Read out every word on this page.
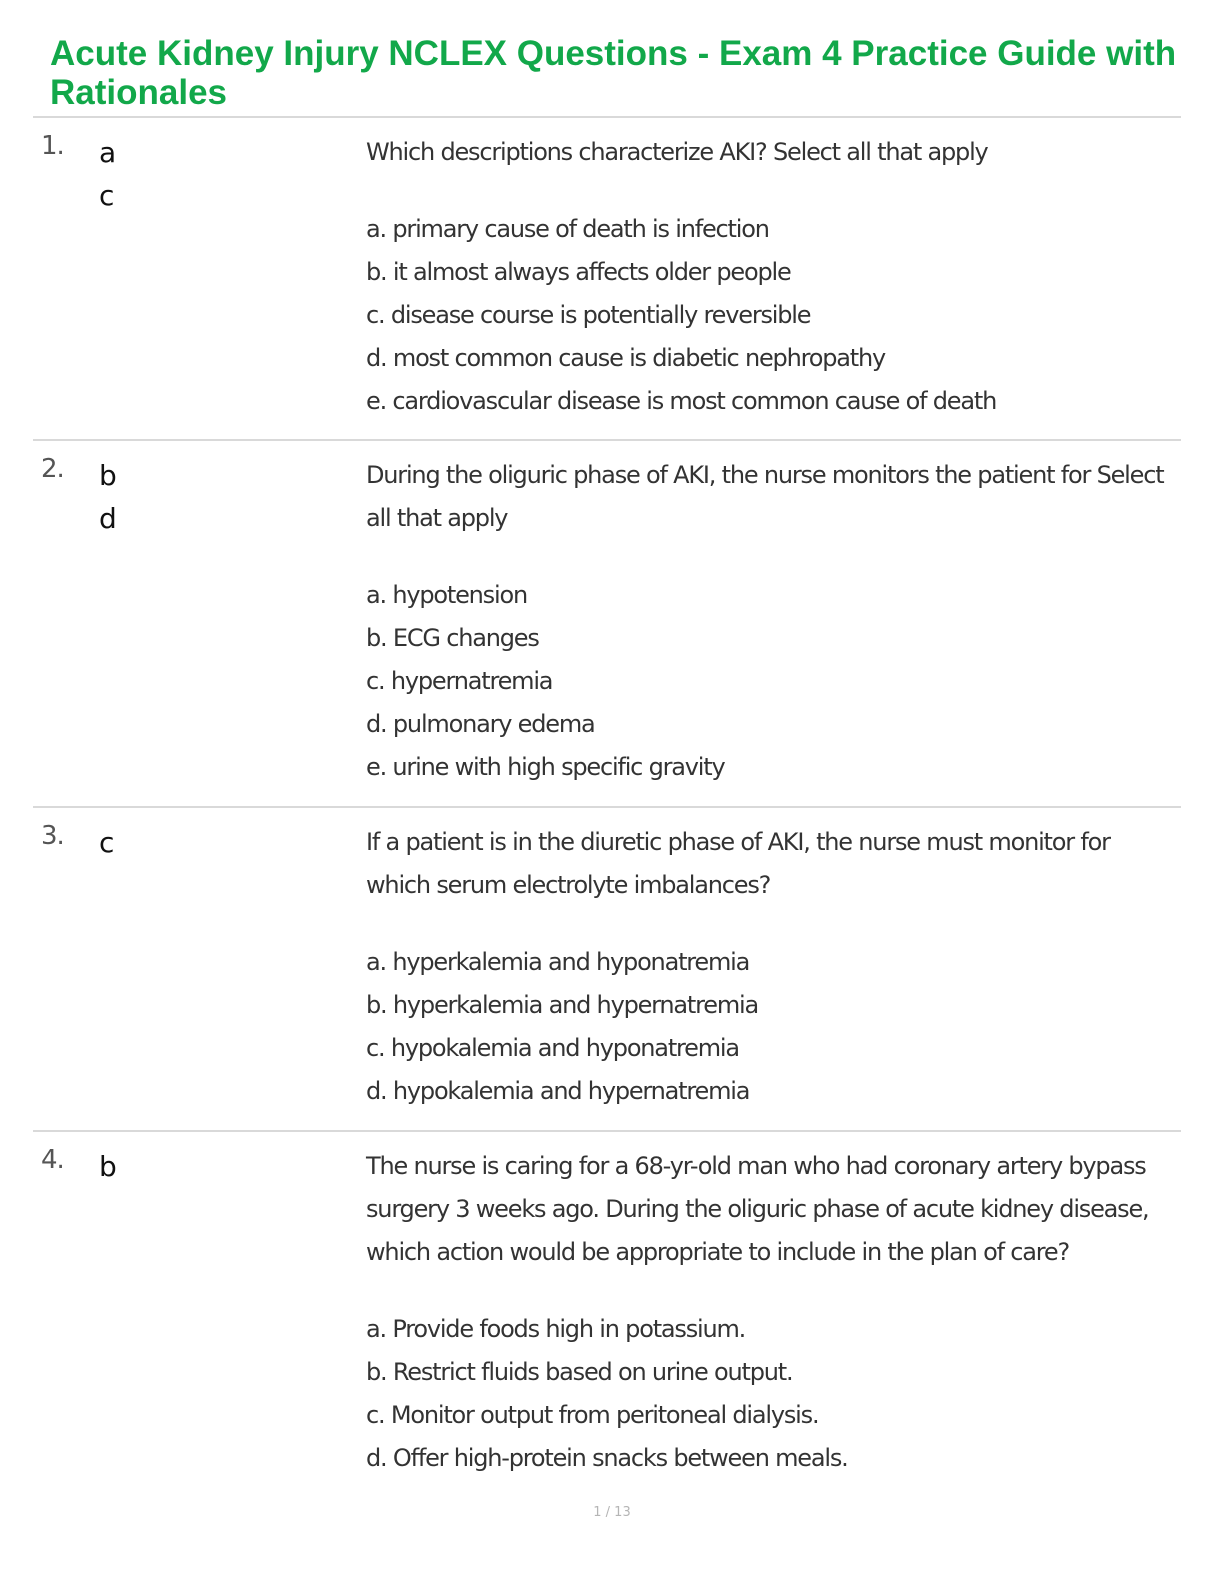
Acute Kidney Injury NCLEX Questions - Exam 4 Practice Guide with Rationales
1. a
c

Which descriptions characterize AKI? Select all that apply

a. primary cause of death is infection
b. it almost always affects older people
c. disease course is potentially reversible
d. most common cause is diabetic nephropathy
e. cardiovascular disease is most common cause of death
2. b
d

During the oliguric phase of AKI, the nurse monitors the patient for Select all that apply

a. hypotension
b. ECG changes
c. hypernatremia
d. pulmonary edema
e. urine with high specific gravity
3. c	If a patient is in the diuretic phase of AKI, the nurse must monitor for which serum electrolyte imbalances?

a. hyperkalemia and hyponatremia
b. hyperkalemia and hypernatremia
c. hypokalemia and hyponatremia
d. hypokalemia and hypernatremia
4. b	The nurse is caring for a 68-yr-old man who had coronary artery bypass surgery 3 weeks ago. During the oliguric phase of acute kidney disease, which action would be appropriate to include in the plan of care?

a. Provide foods high in potassium.
b. Restrict fluids based on urine output.
c. Monitor output from peritoneal dialysis.
d. Offer high-protein snacks between meals.
1 / 13
